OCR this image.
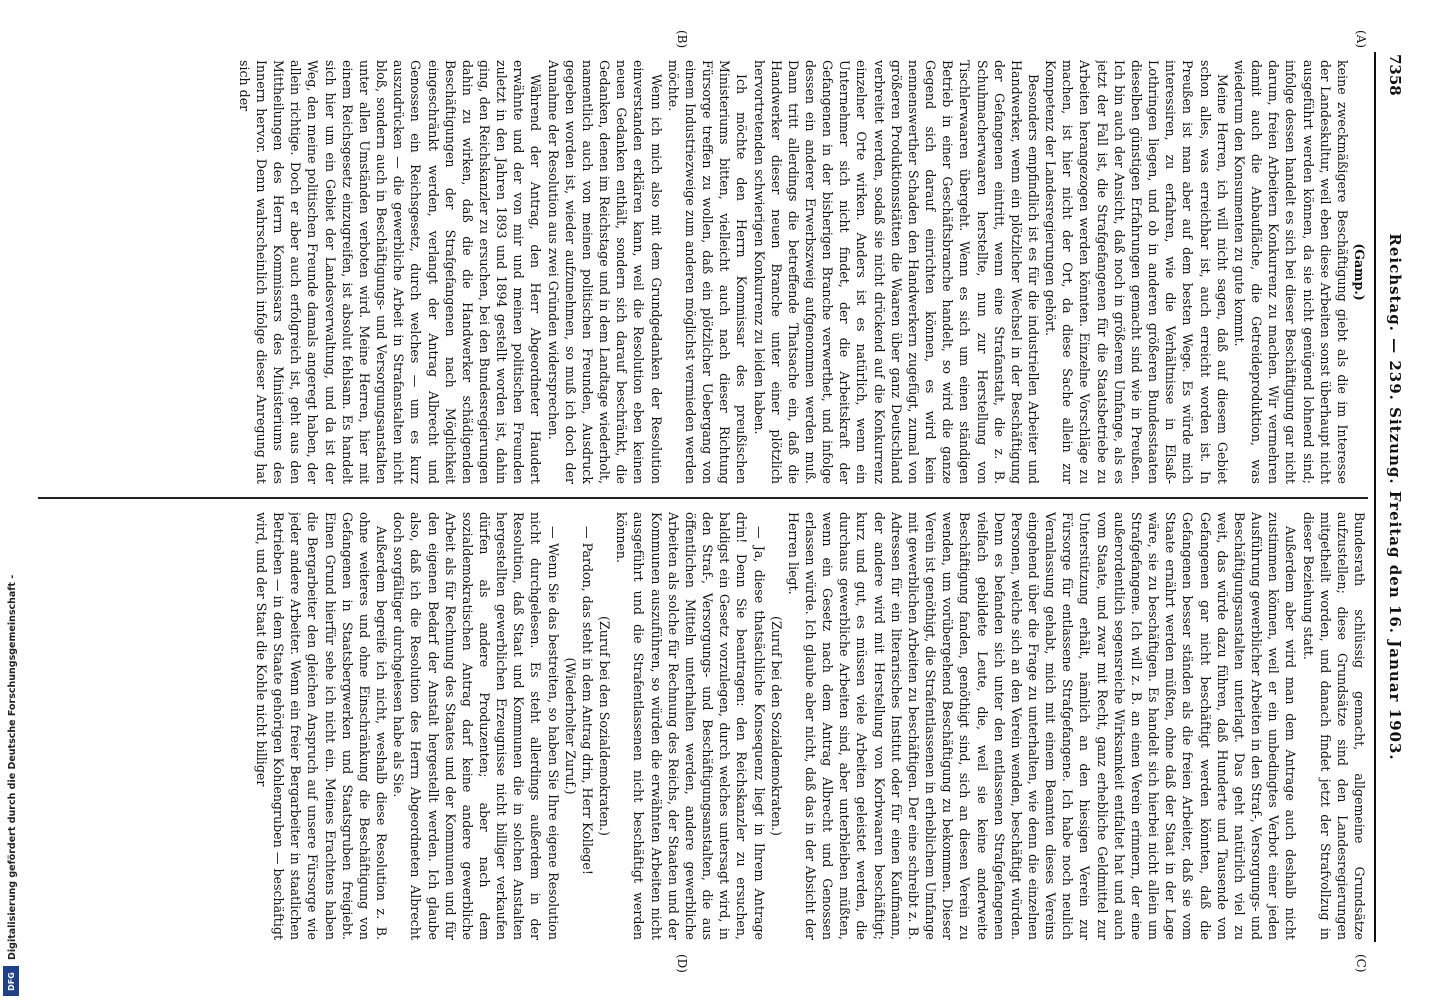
7358
Reichstag. — 239. Sitzung. Freitag den 16. Januar 1903.
(A)
(B)
(C)
(D)

(Gamp.)

keine zweckmäßigere Beschäftigung giebt als die im Interesse der Landeskultur, weil eben diese Arbeiten sonst überhaupt nicht ausgeführt werden können, da sie nicht genügend lohnend sind; infolge dessen handelt es sich bei dieser Beschäftigung gar nicht darum, freien Arbeitern Konkurrenz zu machen. Wir vermehren damit auch die Anbaufläche, die Getreideproduktion, was wiederum den Konsumenten zu gute kommt.

Meine Herren, ich will nicht sagen, daß auf diesem Gebiet schon alles, was erreichbar ist, auch erreicht worden ist. In Preußen ist man aber auf dem besten Wege. Es würde mich interessiren, zu erfahren, wie die Verhältnisse in Elsaß-Lothringen liegen, und ob in anderen größeren Bundesstaaten dieselben günstigen Erfahrungen gemacht sind wie in Preußen. Ich bin auch der Ansicht, daß noch in größerem Umfange, als es jetzt der Fall ist, die Strafgefangenen für die Staatsbetriebe zu Arbeiten herangezogen werden könnten. Einzelne Vorschläge zu machen, ist hier nicht der Ort, da diese Sache allein zur Kompetenz der Landesregierungen gehört.

Besonders empfindlich ist es für die industriellen Arbeiter und Handwerker, wenn ein plötzlicher Wechsel in der Beschäftigung der Gefangenen eintritt, wenn eine Strafanstalt, die z. B. Schuhmacherwaaren herstellte, nun zur Herstellung von Tischlerwaaren übergeht. Wenn es sich um einen ständigen Betrieb in einer Geschäftsbranche handelt, so wird die ganze Gegend sich darauf einrichten können, es wird kein nennenswerther Schaden den Handwerkern zugefügt, zumal von größeren Produktionsstätten die Waaren über ganz Deutschland verbreitet werden, sodaß sie nicht drückend auf die Konkurrenz einzelner Orte wirken. Anders ist es natürlich, wenn ein Unternehmer sich nicht findet, der die Arbeitskraft der Gefangenen in der bisherigen Branche verwerthet, und infolge dessen ein anderer Erwerbszweig aufgenommen werden muß. Dann tritt allerdings die betreffende Thatsache ein, daß die Handwerker dieser neuen Branche unter einer plötzlich hervortretenden schwierigen Konkurrenz zu leiden haben.

Ich möchte den Herrn Kommissar des preußischen Ministeriums bitten, vielleicht auch nach dieser Richtung Fürsorge treffen zu wollen, daß ein plötzlicher Uebergang von einem Industriezweige zum anderen möglichst vermieden werden möchte.

Wenn ich mich also mit dem Grundgedanken der Resolution einverstanden erklären kann, weil die Resolution eben keinen neuen Gedanken enthält, sondern sich darauf beschränkt, die Gedanken, denen im Reichstage und in dem Landtage wiederholt, namentlich auch von meinen politischen Freunden, Ausdruck gegeben worden ist, wieder aufzunehmen, so muß ich doch der Annahme der Resolution aus zwei Gründen widersprechen.

Während der Antrag, den Herr Abgeordneter Haudert erwähnte und der von mir und meinen politischen Freunden zuletzt in den Jahren 1893 und 1894 gestellt worden ist, dahin ging, den Reichskanzler zu ersuchen, bei den Bundesregierungen dahin zu wirken, daß die die Handwerker schädigenden Beschäftigungen der Strafgefangenen nach Möglichkeit eingeschränkt werden, verlangt der Antrag Albrecht und Genossen ein Reichsgesetz, durch welches — um es kurz auszudrücken — die gewerbliche Arbeit in Strafanstalten nicht bloß, sondern auch in Beschäftigungs- und Versorgungsanstalten unter allen Umständen verboten wird. Meine Herren, hier mit einem Reichsgesetz einzugreifen, ist absolut fehlsam. Es handelt sich hier um ein Gebiet der Landesverwaltung, und da ist der Weg, den meine politischen Freunde damals angeregt haben, der allein richtige. Doch er aber auch erfolgreich ist, geht aus den Mittheilungen des Herrn Kommissars des Ministeriums des Innern hervor. Denn wahrscheinlich infolge dieser Anregung hat sich der

Bundesrath schlüssig gemacht, allgemeine Grundsätze aufzustellen; diese Grundsätze sind den Landesregierungen mitgetheilt worden, und danach findet jetzt der Strafvollzug in dieser Beziehung statt.

Außerdem aber wird man dem Antrage auch deshalb nicht zustimmen können, weil er ein unbedingtes Verbot einer jeden Ausführung gewerblicher Arbeiten in den Straf-, Versorgungs- und Beschäftigungsanstalten unterlagt. Das geht natürlich viel zu weit, das würde dazu führen, daß Hunderte und Tausende von Gefangenen gar nicht beschäftigt werden könnten, daß die Gefangenen besser ständen als die freien Arbeiter, daß sie vom Staate ernährt werden müßten, ohne daß der Staat in der Lage wäre, sie zu beschäftigen. Es handelt sich hierbei nicht allein um Strafgefangene. Ich will z. B. an einen Verein erinnern, der eine außerordentlich segensreiche Wirksamkeit entfaltet hat und auch vom Staate, und zwar mit Recht, ganz erhebliche Geldmittel zur Unterstützung erhält, nämlich an den hiesigen Verein zur Fürsorge für entlassene Strafgefangene. Ich habe noch neulich Veranlassung gehabt, mich mit einem Beamten dieses Vereins eingehend über die Frage zu unterhalten, wie denn die einzelnen Personen, welche sich an den Verein wenden, beschäftigt würden. Denn es befanden sich unter den entlassenen Strafgefangenen vielfach gebildete Leute, die, weil sie keine anderweite Beschäftigung fanden, genöthigt sind, sich an diesen Verein zu wenden, um vorübergehend Beschäftigung zu bekommen. Dieser Verein ist genöthigt, die Strafentlassenen in erheblichem Umfange mit gewerblichen Arbeiten zu beschäftigen. Der eine schreibt z. B. Adressen für ein literarisches Institut oder für einen Kaufmann, der andere wird mit Herstellung von Korbwaaren beschäftigt; kurz und gut, es müssen viele Arbeiten geleistet werden, die durchaus gewerbliche Arbeiten sind, aber unterbleiben müßten, wenn ein Gesetz nach dem Antrag Albrecht und Genossen erlassen würde. Ich glaube aber nicht, daß das in der Absicht der Herren liegt.

(Zuruf bei den Sozialdemokraten.)

— Ja, diese thatsächliche Konsequenz liegt in Ihrem Antrage drin! Denn Sie beantragen: den Reichskanzler zu ersuchen, baldigst ein Gesetz vorzulegen, durch welches untersagt wird, in den Straf-, Versorgungs- und Beschäftigungsanstalten, die aus öffentlichen Mitteln unterhalten werden, andere gewerbliche Arbeiten als solche für Rechnung des Reichs, der Staaten und der Kommunen auszuführen, so würden die erwähnten Arbeiten nicht ausgeführt und die Strafentlassenen nicht beschäftigt werden können.

(Zuruf bei den Sozialdemokraten.)

— Pardon, das steht in dem Antrag drin, Herr Kollege!

(Wiederholter Zuruf.)

— Wenn Sie das bestreiten, so haben Sie Ihre eigene Resolution nicht durchgelesen. Es steht allerdings außerdem in der Resolution, daß Staat und Kommunen die in solchen Anstalten hergestellten gewerblichen Erzeugnisse nicht billiger verkaufen dürfen als andere Produzenten; aber nach dem sozialdemokratischen Antrag darf keine andere gewerbliche Arbeit als für Rechnung des Staates und der Kommunen und für den eigenen Bedarf der Anstalt hergestellt werden. Ich glaube also, daß ich die Resolution des Herrn Abgeordneten Albrecht doch sorgfältiger durchgelesen habe als Sie.

Außerdem begreife ich nicht, weshalb diese Resolution z. B. ohne weiteres und ohne Einschränkung die Beschäftigung von Gefangenen in Staatsbergwerken und Staatsgruben freigiebt. Einen Grund hierfür sehe ich nicht ein. Meines Erachtens haben die Bergarbeiter den gleichen Anspruch auf unsere Fürsorge wie jeder andere Arbeiter. Wenn ein freier Bergarbeiter in staatlichen Betrieben — in dem Staate gehörigen Kohlengruben — beschäftigt wird, und der Staat die Kohle nicht billiger

Digitalisierung gefördert durch die Deutsche Forschungsgemeinschaft -
DFG
